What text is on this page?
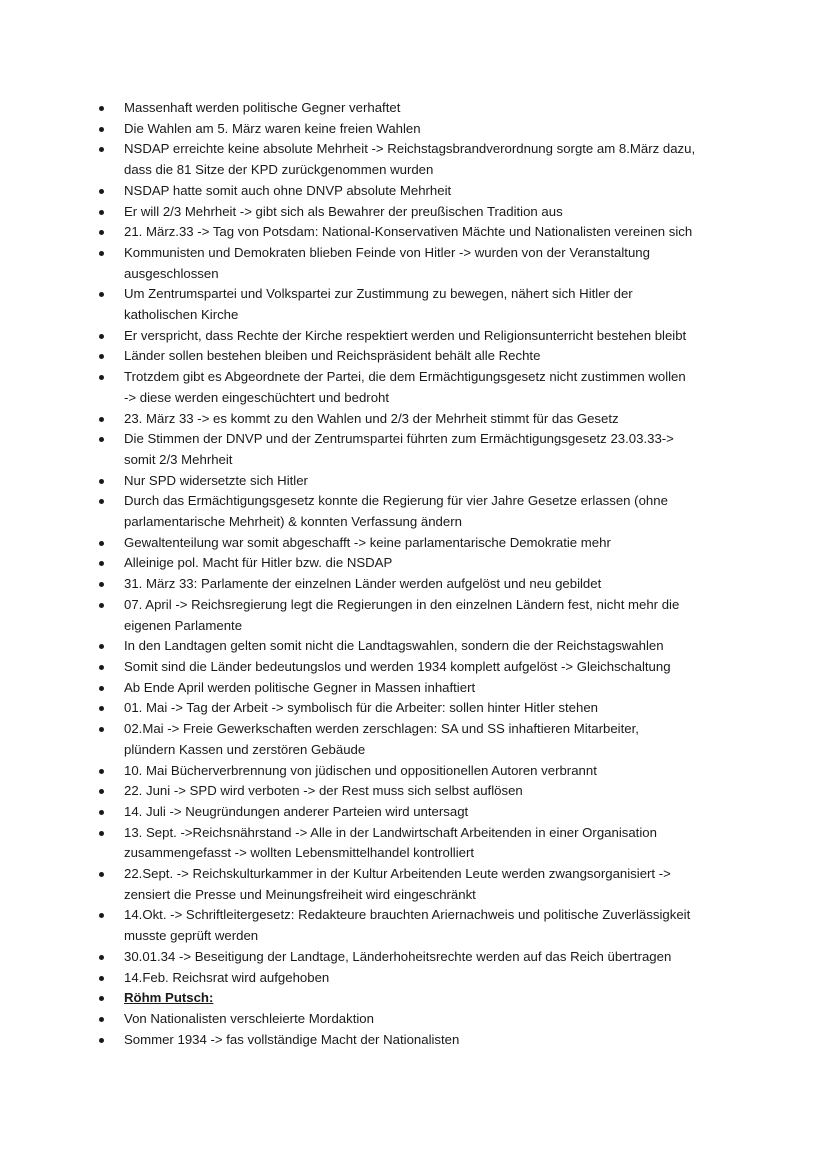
Massenhaft werden politische Gegner verhaftet
Die Wahlen am 5. März waren keine freien Wahlen
NSDAP erreichte keine absolute Mehrheit -> Reichstagsbrandverordnung sorgte am 8.März dazu,
dass die 81 Sitze der KPD zurückgenommen wurden
NSDAP hatte somit auch ohne DNVP absolute Mehrheit
Er will 2/3 Mehrheit -> gibt sich als Bewahrer der preußischen Tradition aus
21. März.33 -> Tag von Potsdam: National-Konservativen Mächte und Nationalisten vereinen sich
Kommunisten und Demokraten blieben Feinde von Hitler -> wurden von der Veranstaltung
ausgeschlossen
Um Zentrumspartei und Volkspartei zur Zustimmung zu bewegen, nähert sich Hitler der
katholischen Kirche
Er verspricht, dass Rechte der Kirche respektiert werden und Religionsunterricht bestehen bleibt
Länder sollen bestehen bleiben und Reichspräsident behält alle Rechte
Trotzdem gibt es Abgeordnete der Partei, die dem Ermächtigungsgesetz nicht zustimmen wollen
-> diese werden eingeschüchtert und bedroht
23. März 33 -> es kommt zu den Wahlen und 2/3 der Mehrheit stimmt für das Gesetz
Die Stimmen der DNVP und der Zentrumspartei führten zum Ermächtigungsgesetz 23.03.33->
somit 2/3 Mehrheit
Nur SPD widersetzte sich Hitler
Durch das Ermächtigungsgesetz konnte die Regierung für vier Jahre Gesetze erlassen (ohne
parlamentarische Mehrheit) & konnten Verfassung ändern
Gewaltenteilung war somit abgeschafft -> keine parlamentarische Demokratie mehr
Alleinige pol. Macht für Hitler bzw. die NSDAP
31. März 33: Parlamente der einzelnen Länder werden aufgelöst und neu gebildet
07. April -> Reichsregierung legt die Regierungen in den einzelnen Ländern fest, nicht mehr die
eigenen Parlamente
In den Landtagen gelten somit nicht die Landtagswahlen, sondern die der Reichstagswahlen
Somit sind die Länder bedeutungslos und werden 1934 komplett aufgelöst -> Gleichschaltung
Ab Ende April werden politische Gegner in Massen inhaftiert
01. Mai -> Tag der Arbeit -> symbolisch für die Arbeiter: sollen hinter Hitler stehen
02.Mai -> Freie Gewerkschaften werden zerschlagen: SA und SS inhaftieren Mitarbeiter,
plündern Kassen und zerstören Gebäude
10. Mai Bücherverbrennung von jüdischen und oppositionellen Autoren verbrannt
22. Juni -> SPD wird verboten -> der Rest muss sich selbst auflösen
14. Juli -> Neugründungen anderer Parteien wird untersagt
13. Sept. ->Reichsnährstand -> Alle in der Landwirtschaft Arbeitenden in einer Organisation
zusammengefasst -> wollten Lebensmittelhandel kontrolliert
22.Sept. -> Reichskulturkammer in der Kultur Arbeitenden Leute werden zwangsorganisiert ->
zensiert die Presse und Meinungsfreiheit wird eingeschränkt
14.Okt. -> Schriftleitergesetz: Redakteure brauchten Ariernachweis und politische Zuverlässigkeit
musste geprüft werden
30.01.34 -> Beseitigung der Landtage, Länderhoheitsrechte werden auf das Reich übertragen
14.Feb. Reichsrat wird aufgehoben
Röhm Putsch:
Von Nationalisten verschleierte Mordaktion
Sommer 1934 -> fas vollständige Macht der Nationalisten
